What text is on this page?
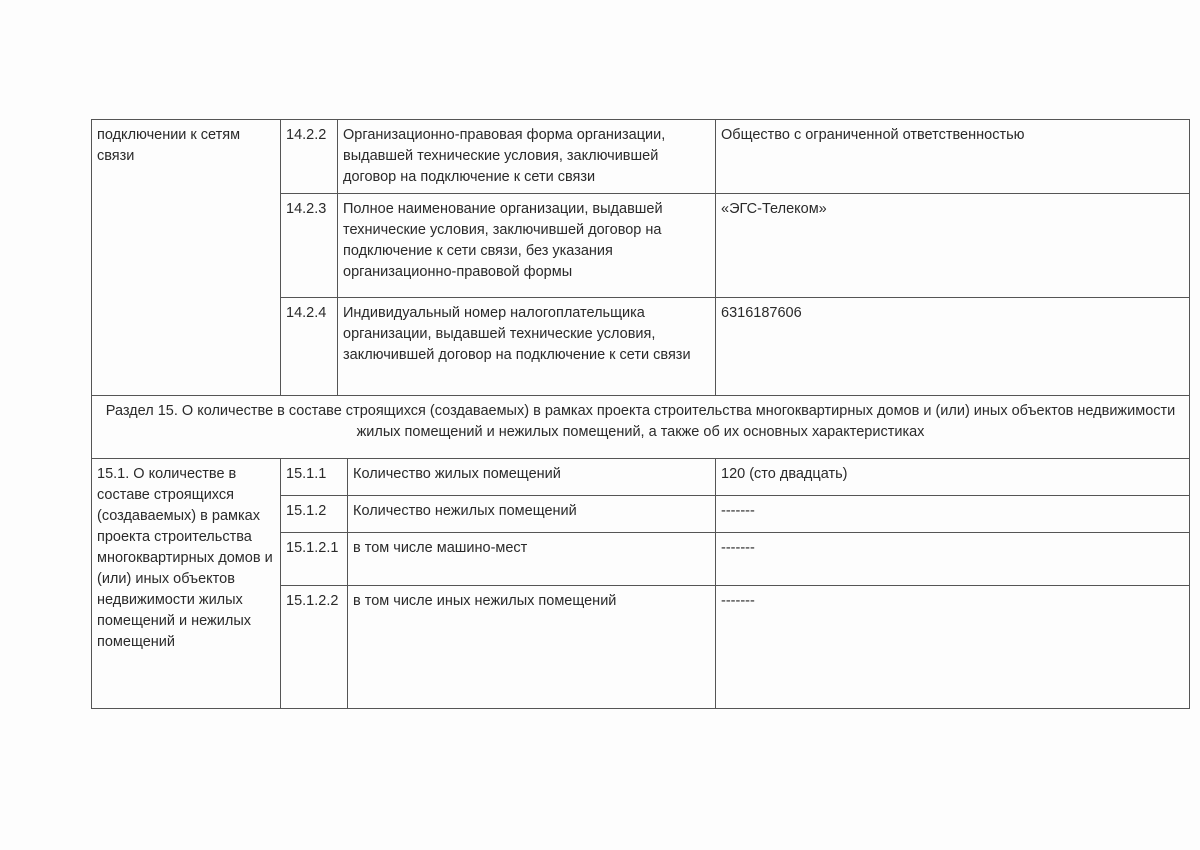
подключении к сетям связи	14.2.2	Организационно-правовая форма организации, выдавшей технические условия, заключившей договор на подключение к сети связи	Общество с ограниченной ответственностью
	14.2.3	Полное наименование организации, выдавшей технические условия, заключившей договор на подключение к сети связи, без указания организационно-правовой формы	«ЭГС-Телеком»
	14.2.4	Индивидуальный номер налогоплательщика организации, выдавшей технические условия, заключившей договор на подключение к сети связи	6316187606
Раздел 15. О количестве в составе строящихся (создаваемых) в рамках проекта строительства многоквартирных домов и (или) иных объектов недвижимости жилых помещений и нежилых помещений, а также об их основных характеристиках			
15.1. О количестве в составе строящихся (создаваемых) в рамках проекта строительства многоквартирных домов и (или) иных объектов недвижимости жилых помещений и нежилых помещений	15.1.1	Количество жилых помещений	120 (сто двадцать)
	15.1.2	Количество нежилых помещений	-------
	15.1.2.1	в том числе машино-мест	-------
	15.1.2.2	в том числе иных нежилых помещений	-------
